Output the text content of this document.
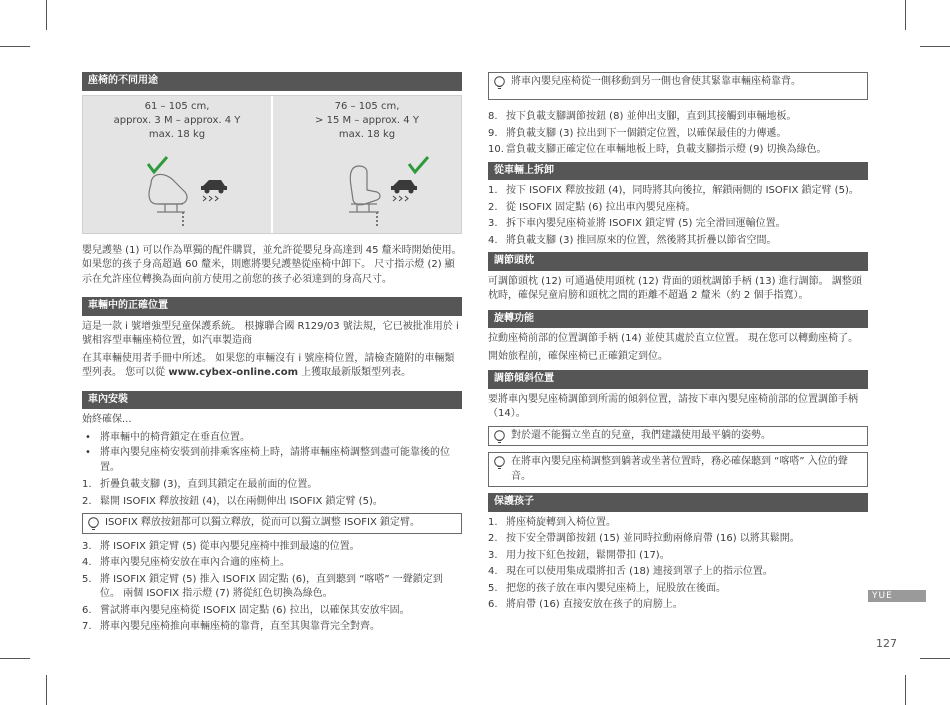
座椅的不同用途
61 – 105 cm,
approx. 3 M – approx. 4 Y
max. 18 kg
76 – 105 cm,
> 15 M – approx. 4 Y
max. 18 kg

嬰兒護墊 (1) 可以作為單獨的配件購買，並允許從嬰兒身高達到 45 釐米時開始使用。 如果您的孩子身高超過 60 釐米，則應將嬰兒護墊從座椅中卸下。 尺寸指示燈 (2) 顯示在允許座位轉換為面向前方使用之前您的孩子必須達到的身高尺寸。

車輛中的正確位置

這是一款 i 號增強型兒童保護系統。 根據聯合國 R129/03 號法規，它已被批准用於 i 號相容型車輛座椅位置，如汽車製造商

在其車輛使用者手冊中所述。 如果您的車輛沒有 i 號座椅位置，請檢查隨附的車輛類型列表。 您可以從 www.cybex-online.com 上獲取最新版類型列表。

車內安裝

始終確保...

• 將車輛中的椅背鎖定在垂直位置。
• 將車內嬰兒座椅安裝到前排乘客座椅上時，請將車輛座椅調整到盡可能靠後的位置。
1. 折疊負載支腳 (3)，直到其鎖定在最前面的位置。
2. 鬆開 ISOFIX 釋放按鈕 (4)，以在兩側伸出 ISOFIX 鎖定臂 (5)。
ISOFIX 釋放按鈕都可以獨立釋放，從而可以獨立調整 ISOFIX 鎖定臂。
3. 將 ISOFIX 鎖定臂 (5) 從車內嬰兒座椅中推到最遠的位置。
4. 將車內嬰兒座椅安放在車內合適的座椅上。
5. 將 ISOFIX 鎖定臂 (5) 推入 ISOFIX 固定點 (6)，直到聽到 “喀嗒” 一聲鎖定到位。 兩個 ISOFIX 指示燈 (7) 將從紅色切換為綠色。
6. 嘗試將車內嬰兒座椅從 ISOFIX 固定點 (6) 拉出，以確保其安放牢固。
7. 將車內嬰兒座椅推向車輛座椅的靠背，直至其與靠背完全對齊。
將車內嬰兒座椅從一側移動到另一側也會使其緊靠車輛座椅靠背。
8. 按下負載支腳調節按鈕 (8) 並伸出支腳，直到其接觸到車輛地板。
9. 將負載支腳 (3) 拉出到下一個鎖定位置，以確保最佳的力傳遞。
10. 當負載支腳正確定位在車輛地板上時，負載支腳指示燈 (9) 切換為綠色。
從車輛上拆卸
1. 按下 ISOFIX 釋放按鈕 (4)，同時將其向後拉，解鎖兩側的 ISOFIX 鎖定臂 (5)。
2. 從 ISOFIX 固定點 (6) 拉出車內嬰兒座椅。
3. 拆下車內嬰兒座椅並將 ISOFIX 鎖定臂 (5) 完全滑回運輸位置。
4. 將負載支腳 (3) 推回原來的位置，然後將其折疊以節省空間。
調節頭枕

可調節頭枕 (12) 可通過使用頭枕 (12) 背面的頭枕調節手柄 (13) 進行調節。 調整頭枕時，確保兒童肩膀和頭枕之間的距離不超過 2 釐米（約 2 個手指寬）。

旋轉功能

拉動座椅前部的位置調節手柄 (14) 並使其處於直立位置。 現在您可以轉動座椅了。

開始旅程前，確保座椅已正確鎖定到位。

調節傾斜位置

要將車內嬰兒座椅調節到所需的傾斜位置，請按下車內嬰兒座椅前部的位置調節手柄（14）。

對於還不能獨立坐直的兒童，我們建議使用最平躺的姿勢。
在將車內嬰兒座椅調整到躺著或坐著位置時，務必確保聽到 “喀嗒” 入位的聲音。
保護孩子
1. 將座椅旋轉到入椅位置。
2. 按下安全帶調節按鈕 (15) 並同時拉動兩條肩帶 (16) 以將其鬆開。
3. 用力按下紅色按鈕，鬆開帶扣 (17)。
4. 現在可以使用集成環將扣舌 (18) 連接到罩子上的指示位置。
5. 把您的孩子放在車內嬰兒座椅上，屁股放在後面。
6. 將肩帶 (16) 直接安放在孩子的肩膀上。
YUE
127
